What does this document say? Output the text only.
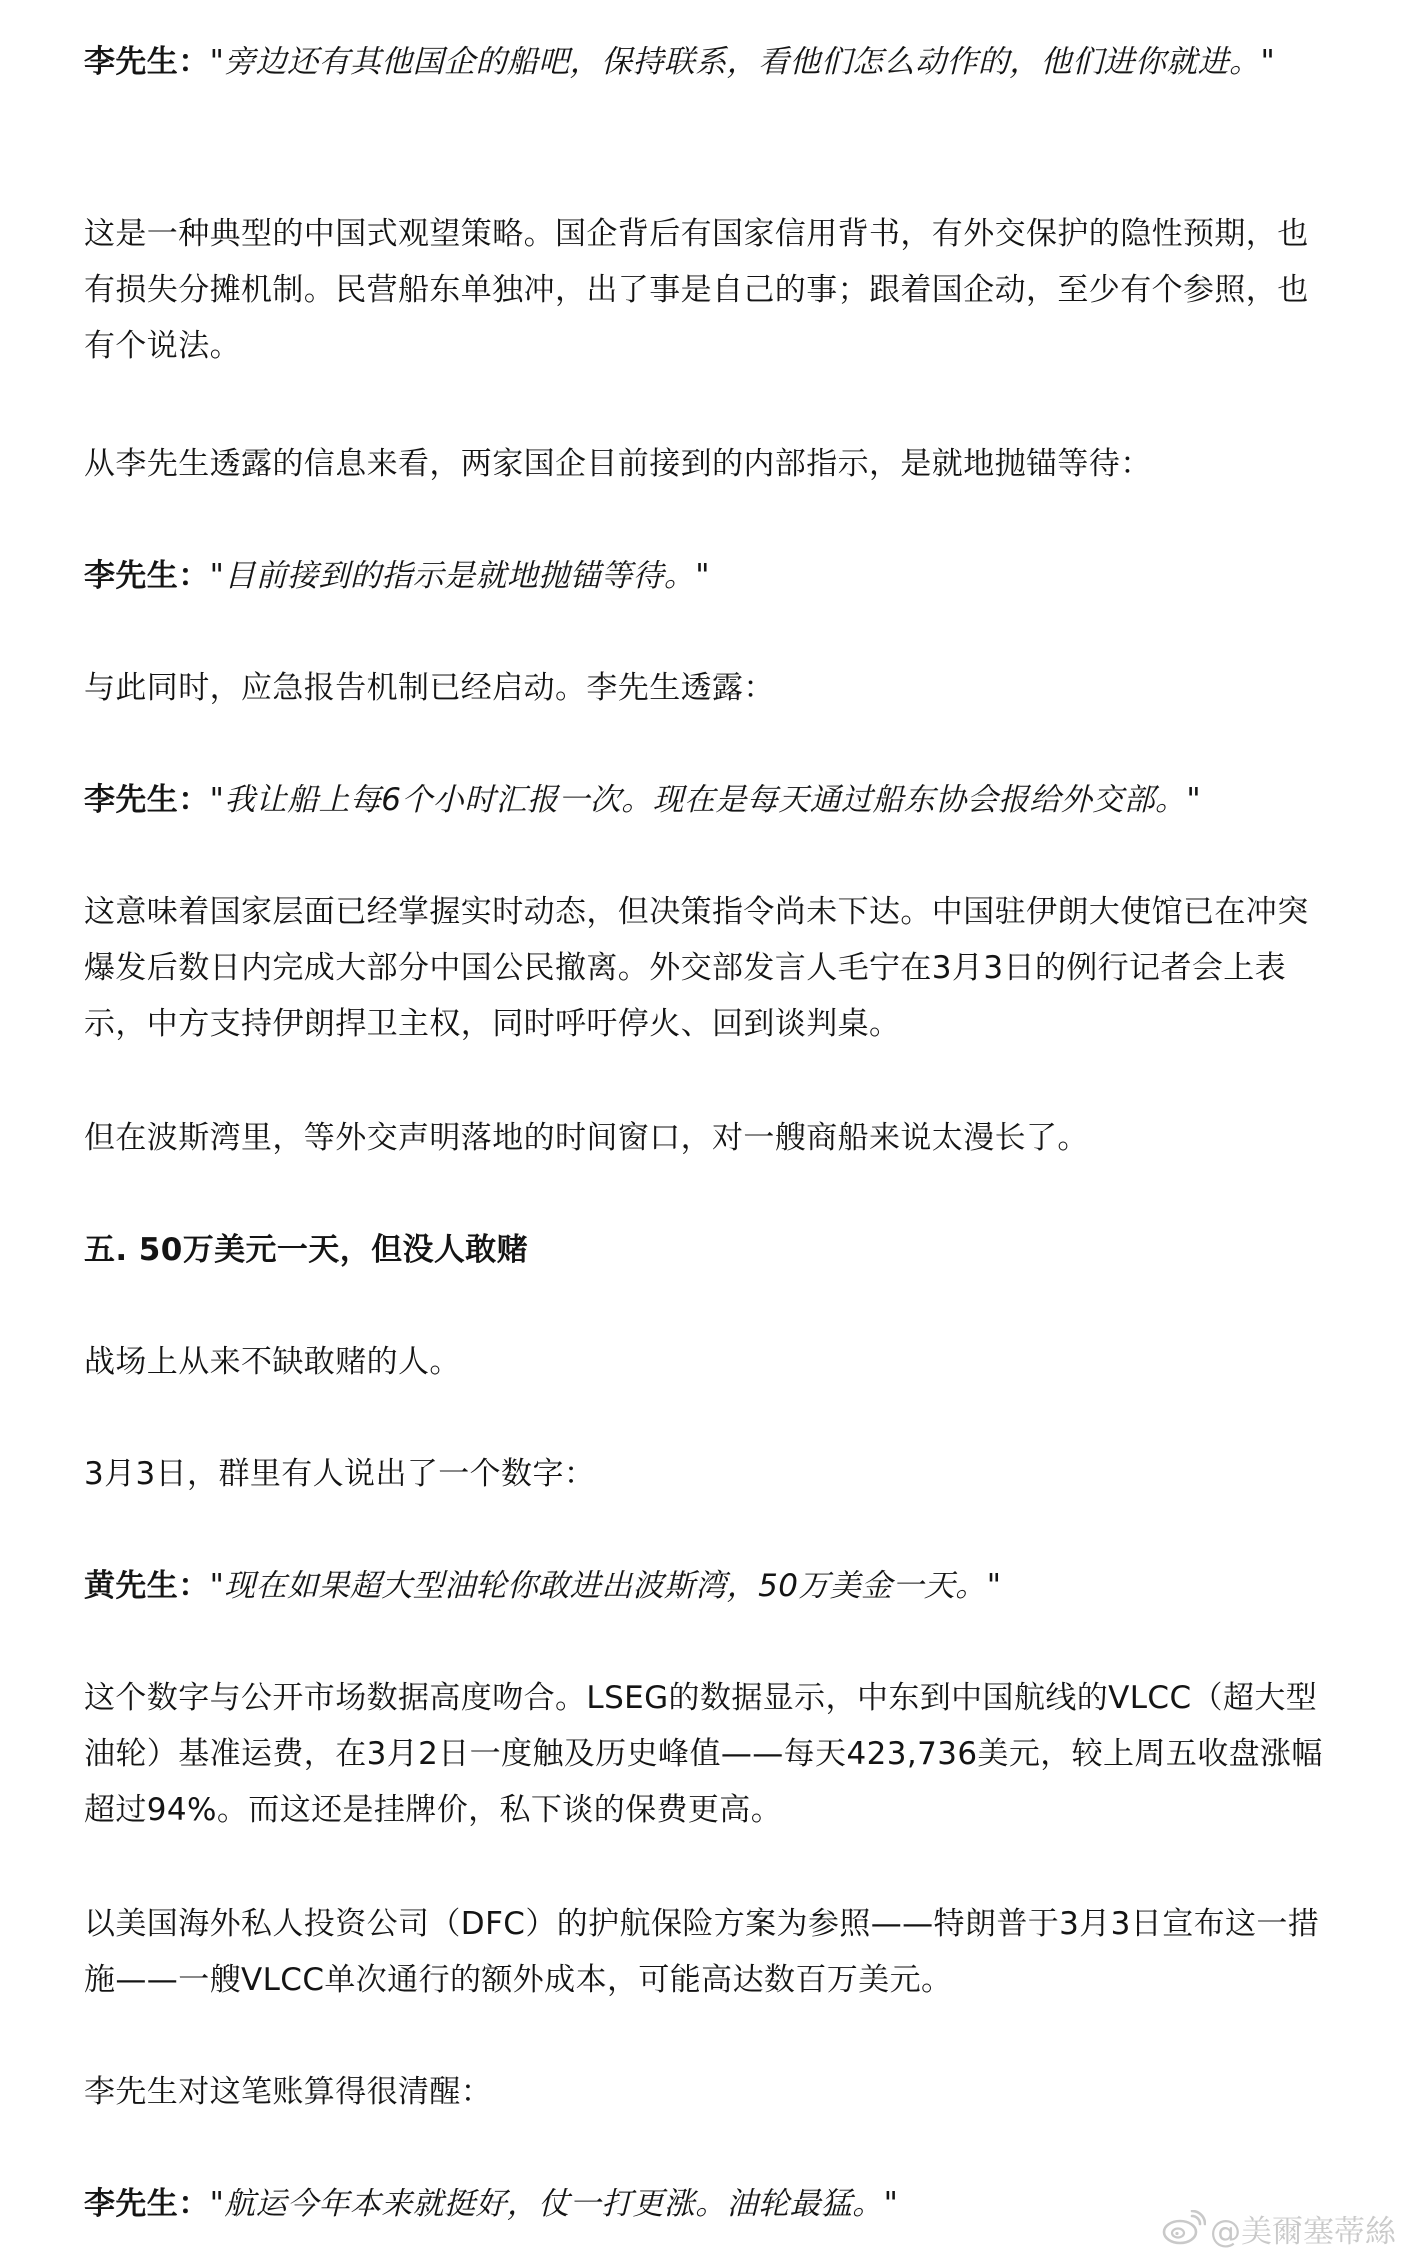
李先生："旁边还有其他国企的船吧，保持联系，看他们怎么动作的，他们进你就进。"

这是一种典型的中国式观望策略。国企背后有国家信用背书，有外交保护的隐性预期，也有损失分摊机制。民营船东单独冲，出了事是自己的事；跟着国企动，至少有个参照，也有个说法。

从李先生透露的信息来看，两家国企目前接到的内部指示，是就地抛锚等待：

李先生："目前接到的指示是就地抛锚等待。"

与此同时，应急报告机制已经启动。李先生透露：

李先生："我让船上每6个小时汇报一次。现在是每天通过船东协会报给外交部。"

这意味着国家层面已经掌握实时动态，但决策指令尚未下达。中国驻伊朗大使馆已在冲突爆发后数日内完成大部分中国公民撤离。外交部发言人毛宁在3月3日的例行记者会上表示，中方支持伊朗捍卫主权，同时呼吁停火、回到谈判桌。

但在波斯湾里，等外交声明落地的时间窗口，对一艘商船来说太漫长了。

五. 50万美元一天，但没人敢赌

战场上从来不缺敢赌的人。

3月3日，群里有人说出了一个数字：

黄先生："现在如果超大型油轮你敢进出波斯湾，50万美金一天。"

这个数字与公开市场数据高度吻合。LSEG的数据显示，中东到中国航线的VLCC（超大型油轮）基准运费，在3月2日一度触及历史峰值——每天423,736美元，较上周五收盘涨幅超过94%。而这还是挂牌价，私下谈的保费更高。

以美国海外私人投资公司（DFC）的护航保险方案为参照——特朗普于3月3日宣布这一措施——一艘VLCC单次通行的额外成本，可能高达数百万美元。

李先生对这笔账算得很清醒：

李先生："航运今年本来就挺好，仗一打更涨。油轮最猛。"

@美爾塞蒂絲
